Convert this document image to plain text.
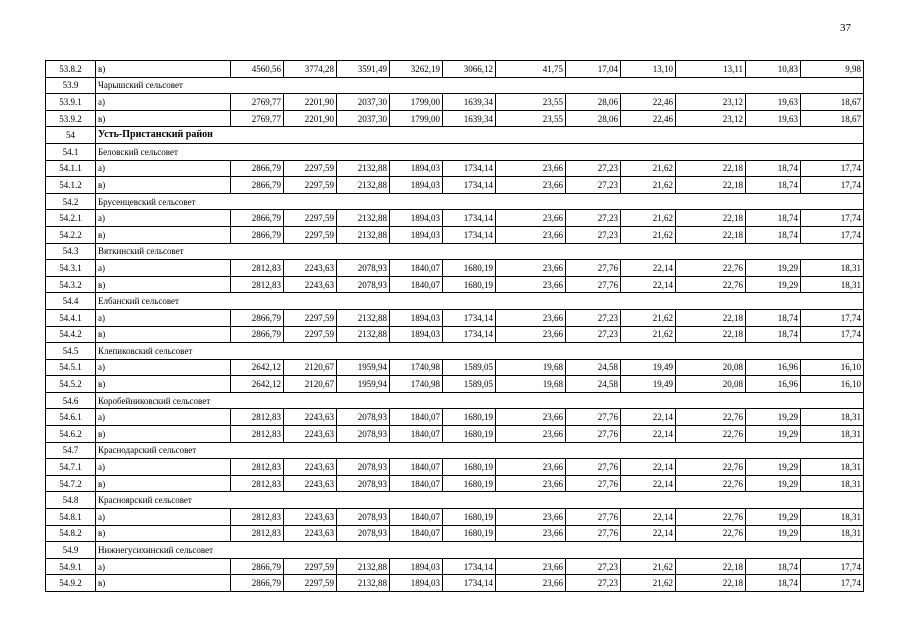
37
53.8.2	в)	4560,56	3774,28	3591,49	3262,19	3066,12	41,75	17,04	13,10	13,11	10,83	9,98
53.9	Чарышский сельсовет											
53.9.1	а)	2769,77	2201,90	2037,30	1799,00	1639,34	23,55	28,06	22,46	23,12	19,63	18,67
53.9.2	в)	2769,77	2201,90	2037,30	1799,00	1639,34	23,55	28,06	22,46	23,12	19,63	18,67
54	Усть-Пристанский район											
54.1	Беловский сельсовет											
54.1.1	а)	2866,79	2297,59	2132,88	1894,03	1734,14	23,66	27,23	21,62	22,18	18,74	17,74
54.1.2	в)	2866,79	2297,59	2132,88	1894,03	1734,14	23,66	27,23	21,62	22,18	18,74	17,74
54.2	Брусенцевский сельсовет											
54.2.1	а)	2866,79	2297,59	2132,88	1894,03	1734,14	23,66	27,23	21,62	22,18	18,74	17,74
54.2.2	в)	2866,79	2297,59	2132,88	1894,03	1734,14	23,66	27,23	21,62	22,18	18,74	17,74
54.3	Вяткинский сельсовет											
54.3.1	а)	2812,83	2243,63	2078,93	1840,07	1680,19	23,66	27,76	22,14	22,76	19,29	18,31
54.3.2	в)	2812,83	2243,63	2078,93	1840,07	1680,19	23,66	27,76	22,14	22,76	19,29	18,31
54.4	Елбанский сельсовет											
54.4.1	а)	2866,79	2297,59	2132,88	1894,03	1734,14	23,66	27,23	21,62	22,18	18,74	17,74
54.4.2	в)	2866,79	2297,59	2132,88	1894,03	1734,14	23,66	27,23	21,62	22,18	18,74	17,74
54.5	Клепиковский сельсовет											
54.5.1	а)	2642,12	2120,67	1959,94	1740,98	1589,05	19,68	24,58	19,49	20,08	16,96	16,10
54.5.2	в)	2642,12	2120,67	1959,94	1740,98	1589,05	19,68	24,58	19,49	20,08	16,96	16,10
54.6	Коробейниковский сельсовет											
54.6.1	а)	2812,83	2243,63	2078,93	1840,07	1680,19	23,66	27,76	22,14	22,76	19,29	18,31
54.6.2	в)	2812,83	2243,63	2078,93	1840,07	1680,19	23,66	27,76	22,14	22,76	19,29	18,31
54.7	Краснодарский сельсовет											
54.7.1	а)	2812,83	2243,63	2078,93	1840,07	1680,19	23,66	27,76	22,14	22,76	19,29	18,31
54.7.2	в)	2812,83	2243,63	2078,93	1840,07	1680,19	23,66	27,76	22,14	22,76	19,29	18,31
54.8	Красноярский сельсовет											
54.8.1	а)	2812,83	2243,63	2078,93	1840,07	1680,19	23,66	27,76	22,14	22,76	19,29	18,31
54.8.2	в)	2812,83	2243,63	2078,93	1840,07	1680,19	23,66	27,76	22,14	22,76	19,29	18,31
54.9	Нижнегусихинский сельсовет											
54.9.1	а)	2866,79	2297,59	2132,88	1894,03	1734,14	23,66	27,23	21,62	22,18	18,74	17,74
54.9.2	в)	2866,79	2297,59	2132,88	1894,03	1734,14	23,66	27,23	21,62	22,18	18,74	17,74
